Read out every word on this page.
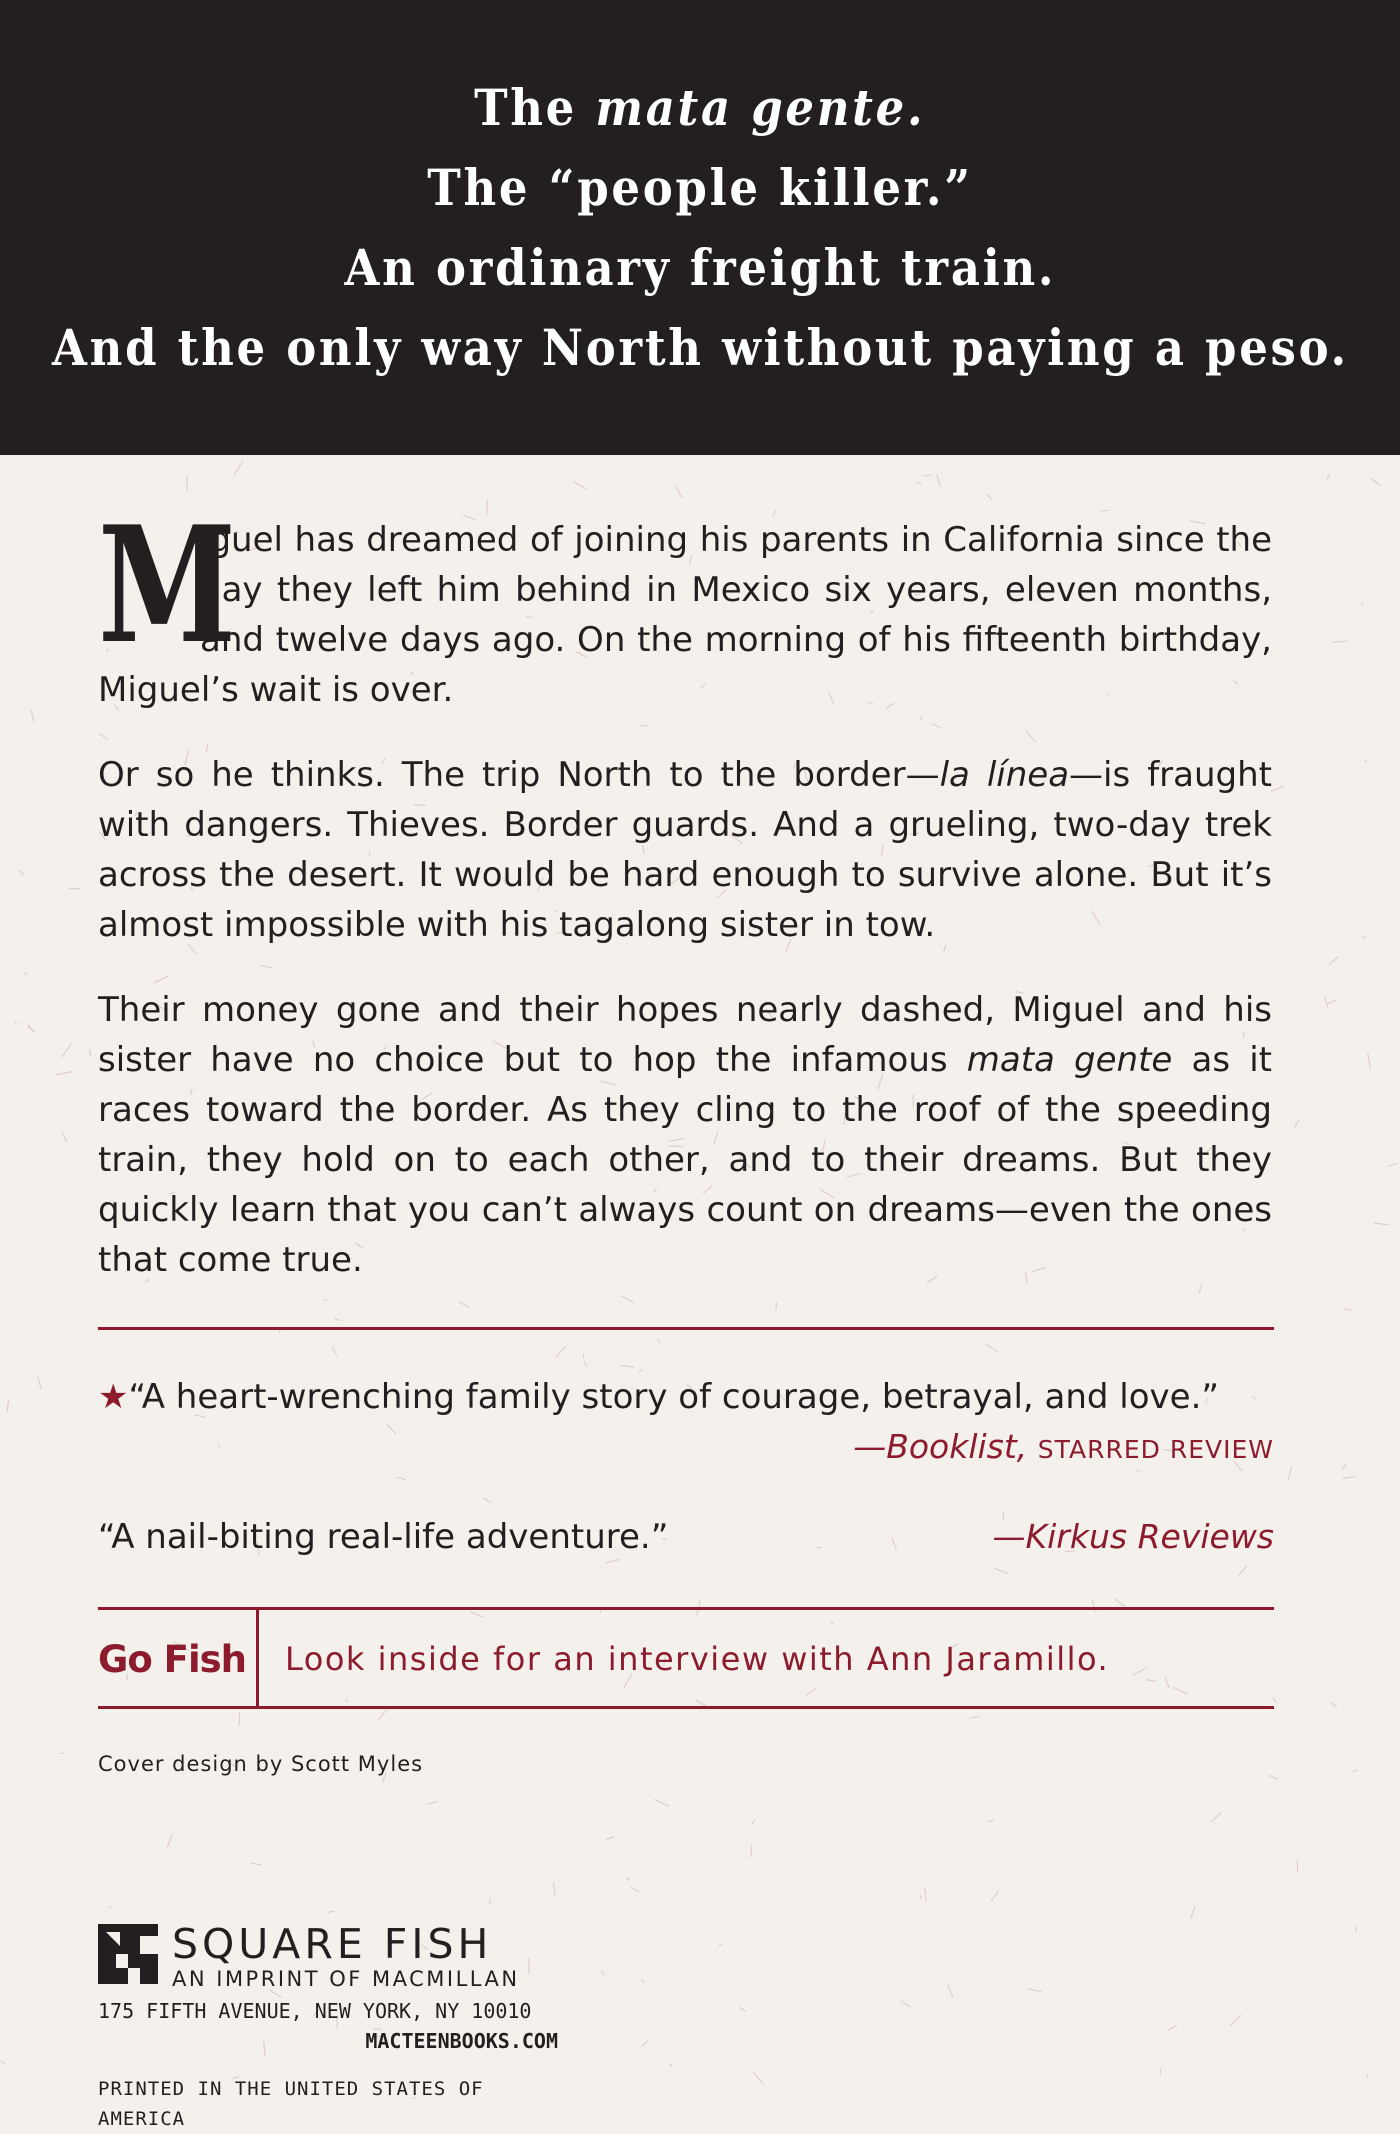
The mata gente.
The “people killer.”
An ordinary freight train.
And the only way North without paying a peso.

M
iguel has dreamed of joining his parents in California since the day they left him behind in Mexico six years, eleven months, and twelve days ago. On the morning of his fifteenth birthday, Miguel’s wait is over.

Or so he thinks. The trip North to the border—la línea—is fraught with dangers. Thieves. Border guards. And a grueling, two-day trek across the desert. It would be hard enough to survive alone. But it’s almost impossible with his tagalong sister in tow.

Their money gone and their hopes nearly dashed, Miguel and his sister have no choice but to hop the infamous mata gente as it races toward the border. As they cling to the roof of the speeding train, they hold on to each other, and to their dreams. But they quickly learn that you can’t always count on dreams—even the ones that come true.

★“A heart-wrenching family story of courage, betrayal, and love.”
—Booklist, STARRED REVIEW
“A nail-biting real-life adventure.”	—Kirkus Reviews
Go Fish	Look inside for an interview with Ann Jaramillo.
Cover design by Scott Myles
SQUARE FISH
AN IMPRINT OF MACMILLAN
175 FIFTH AVENUE, NEW YORK, NY 10010
MACTEENBOOKS.COM
PRINTED IN THE UNITED STATES OF AMERICA
